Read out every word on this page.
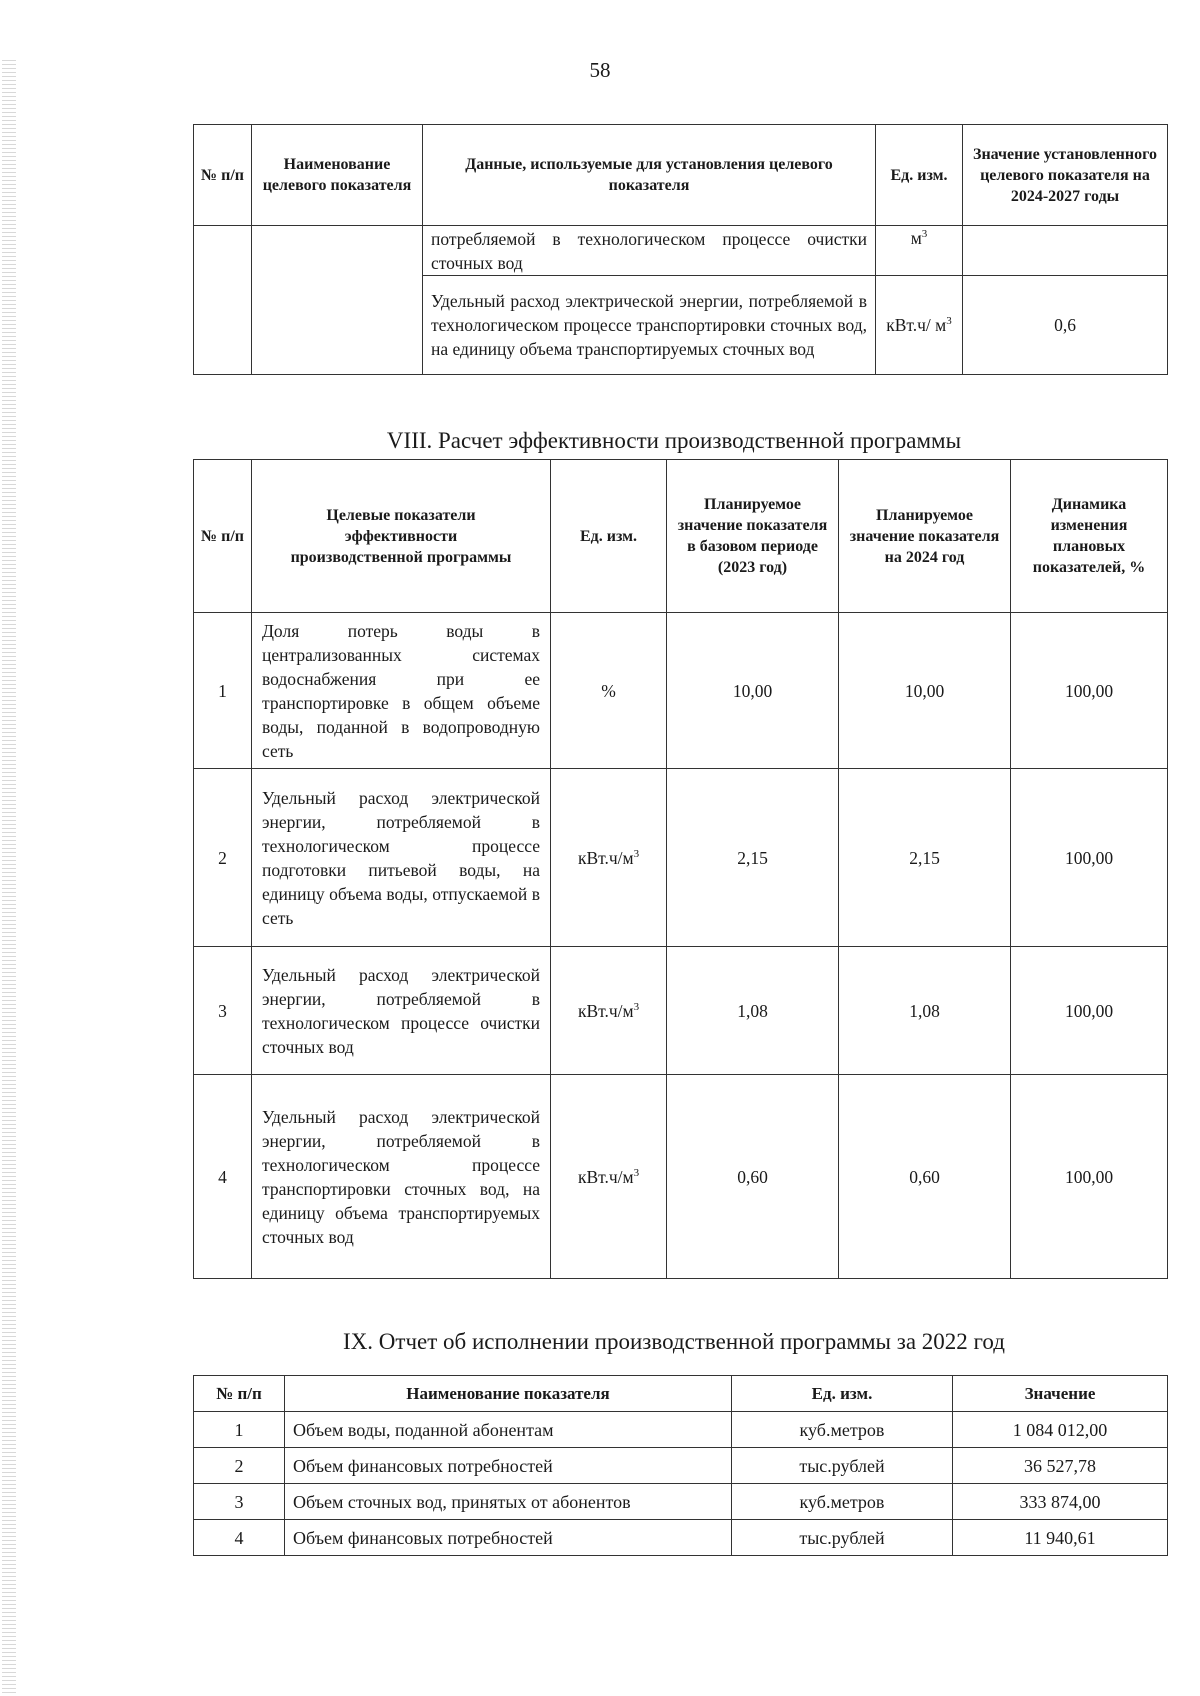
58
№ п/п	Наименование целевого показателя	Данные, используемые для установления целевого показателя	Ед. изм.	Значение установленного целевого показателя на 2024-2027 годы
		потребляемой в технологическом процессе очистки сточных вод	$м^3$	
		Удельный расход электрической энергии, потребляемой в технологическом процессе транспортировки сточных вод, на единицу объема транспортируемых сточных вод	кВт.ч/ $м^3$	0,6
VIII. Расчет эффективности производственной программы
№ п/п	Целевые показатели эффективности производственной программы	Ед. изм.	Планируемое значение показателя в базовом периоде (2023 год)	Планируемое значение показателя на 2024 год	Динамика изменения плановых показателей, %
1	Доля потерь воды в централизованных системах водоснабжения при ее транспортировке в общем объеме воды, поданной в водопроводную сеть	%	10,00	10,00	100,00
2	Удельный расход электрической энергии, потребляемой в технологическом процессе подготовки питьевой воды, на единицу объема воды, отпускаемой в сеть	$кВт.ч/м^3$	2,15	2,15	100,00
3	Удельный расход электрической энергии, потребляемой в технологическом процессе очистки сточных вод	$кВт.ч/м^3$	1,08	1,08	100,00
4	Удельный расход электрической энергии, потребляемой в технологическом процессе транспортировки сточных вод, на единицу объема транспортируемых сточных вод	$кВт.ч/м^3$	0,60	0,60	100,00
IX. Отчет об исполнении производственной программы за 2022 год
№ п/п	Наименование показателя	Ед. изм.	Значение
1	Объем воды, поданной абонентам	куб.метров	1 084 012,00
2	Объем финансовых потребностей	тыс.рублей	36 527,78
3	Объем сточных вод, принятых от абонентов	куб.метров	333 874,00
4	Объем финансовых потребностей	тыс.рублей	11 940,61
